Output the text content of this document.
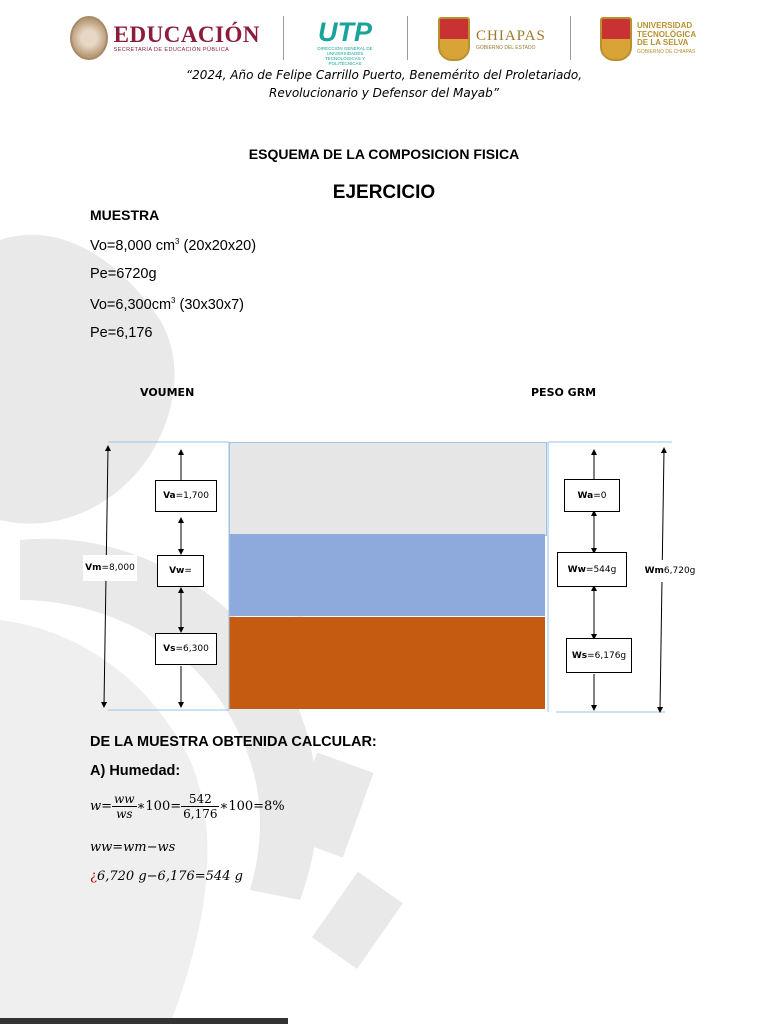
EDUCACIÓN
SECRETARÍA DE EDUCACIÓN PÚBLICA
UTP
DIRECCIÓN GENERAL DE UNIVERSIDADES TECNOLÓGICAS Y POLITÉCNICAS
CHIAPAS
GOBIERNO DEL ESTADO
UNIVERSIDAD
TECNOLÓGICA
DE LA SELVA
GOBIERNO DE CHIAPAS
“2024, Año de Felipe Carrillo Puerto, Benemérito del Proletariado,
Revolucionario y Defensor del Mayab”
ESQUEMA DE LA COMPOSICION FISICA
EJERCICIO
MUESTRA
Vo=8,000 $cm^3$ (20x20x20)
Pe=6720g
$Vo=6,300cm^3$ (30x30x7)
Pe=6,176
VOUMEN	PESO GRM
Vm =8,000
Va =1,700
Vw =
Vs =6,300
Wa =0
Ww =544g
Ws =6,176g
Wm 6,720g
DE LA MUESTRA OBTENIDA CALCULAR:
A) Humedad:
$w= \frac{ww}{ws}$ ∗100= $\frac{542}{6,176}$ ∗100=8%
ww=wm−ws
¿6,720 g−6,176=544 g
